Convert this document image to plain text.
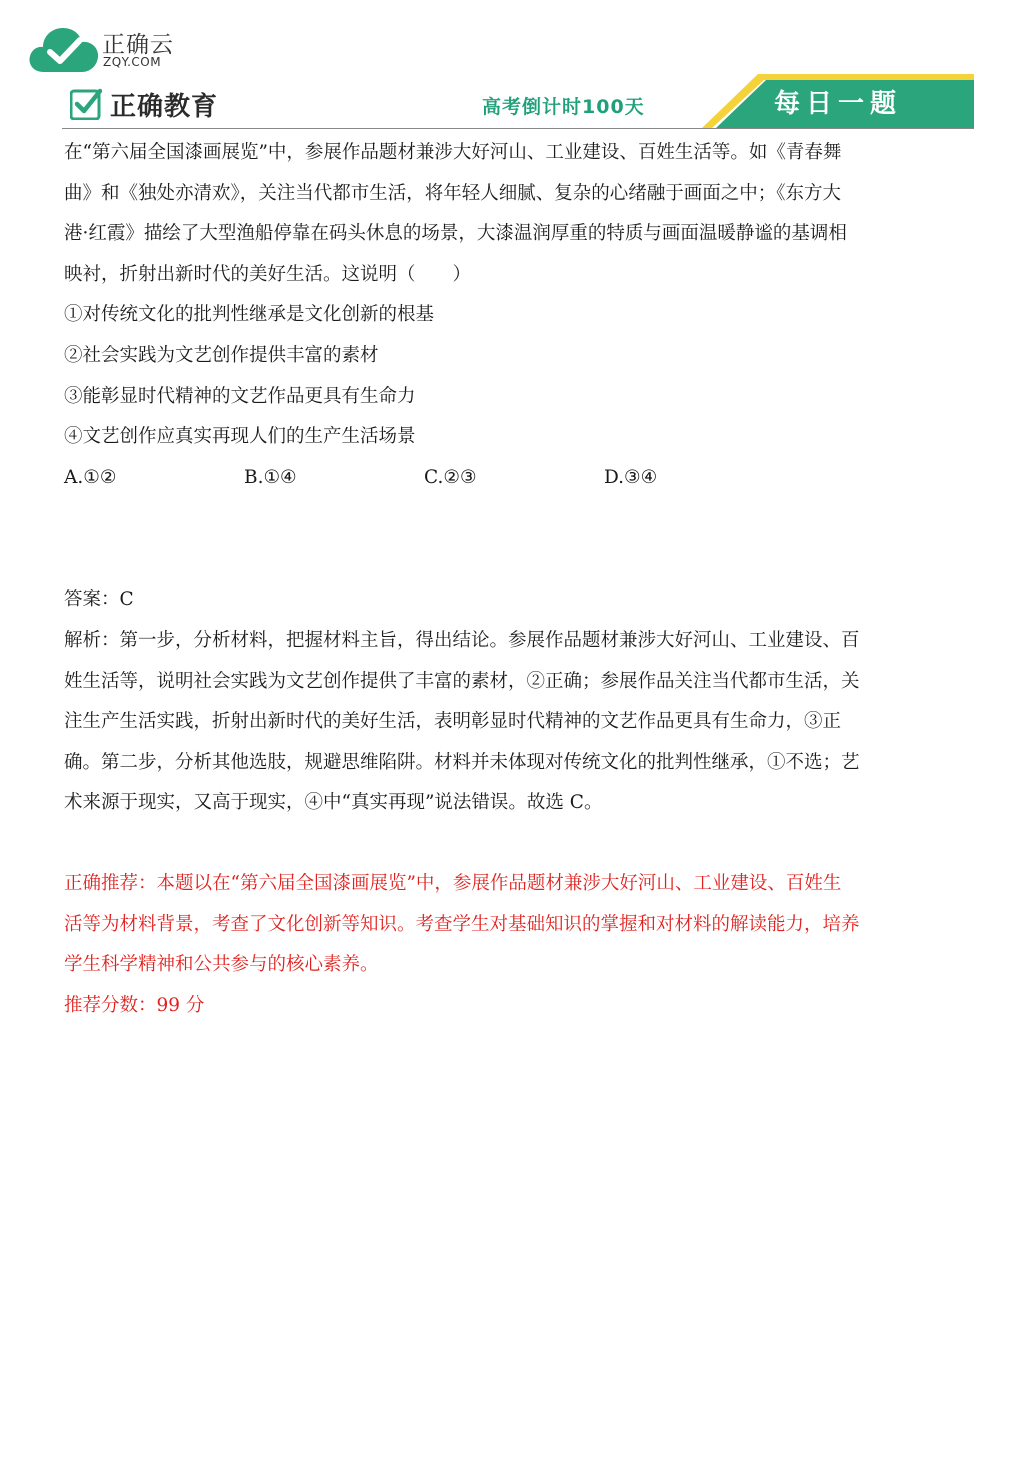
正确云
ZQY.COM
正确教育	高考倒计时100天	每日一题

在“第六届全国漆画展览”中，参展作品题材兼涉大好河山、工业建设、百姓生活等。如《青春舞

曲》和《独处亦清欢》，关注当代都市生活，将年轻人细腻、复杂的心绪融于画面之中；《东方大

港·红霞》描绘了大型渔船停靠在码头休息的场景，大漆温润厚重的特质与画面温暖静谧的基调相

映衬，折射出新时代的美好生活。这说明（　　）

①对传统文化的批判性继承是文化创新的根基

②社会实践为文艺创作提供丰富的素材

③能彰显时代精神的文艺作品更具有生命力

④文艺创作应真实再现人们的生产生活场景

A.①②	B.①④	C.②③	D.③④

答案：C

解析：第一步，分析材料，把握材料主旨，得出结论。参展作品题材兼涉大好河山、工业建设、百

姓生活等，说明社会实践为文艺创作提供了丰富的素材，②正确；参展作品关注当代都市生活，关

注生产生活实践，折射出新时代的美好生活，表明彰显时代精神的文艺作品更具有生命力，③正

确。第二步，分析其他选肢，规避思维陷阱。材料并未体现对传统文化的批判性继承，①不选；艺

术来源于现实，又高于现实，④中“真实再现”说法错误。故选 C。

正确推荐：本题以在“第六届全国漆画展览”中，参展作品题材兼涉大好河山、工业建设、百姓生

活等为材料背景，考查了文化创新等知识。考查学生对基础知识的掌握和对材料的解读能力，培养

学生科学精神和公共参与的核心素养。

推荐分数：99 分
